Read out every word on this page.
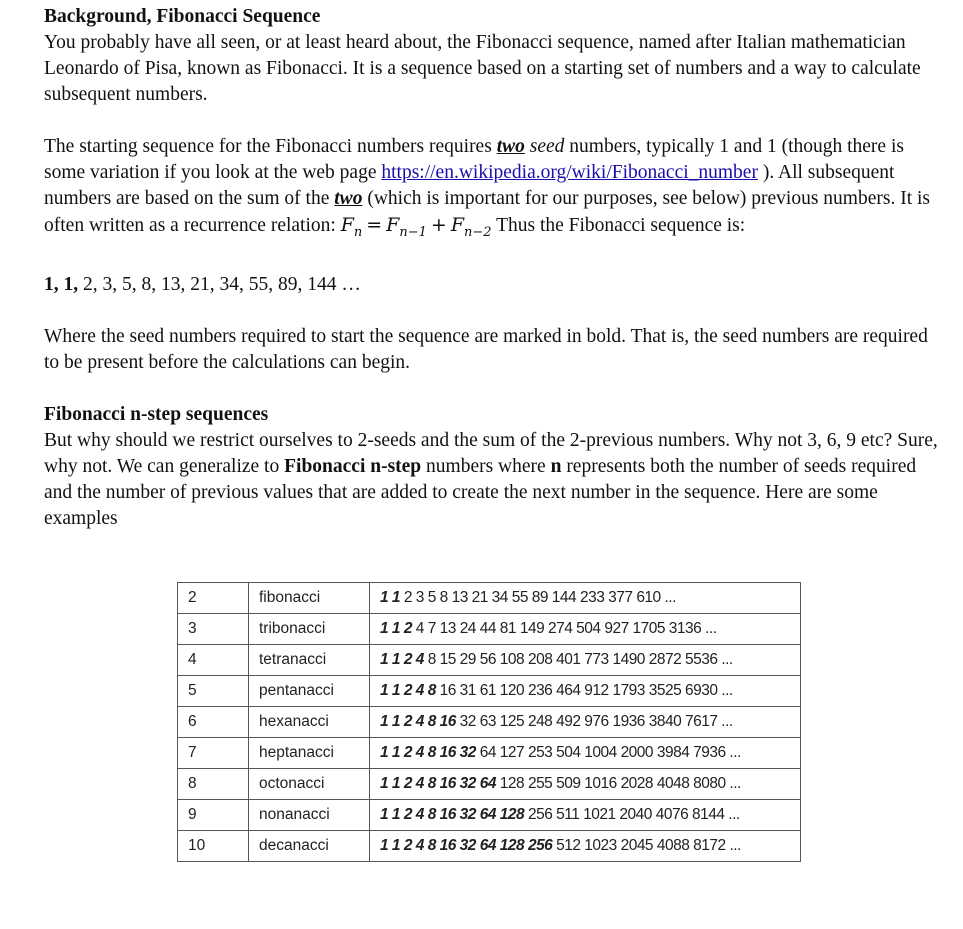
Background, Fibonacci Sequence

You probably have all seen, or at least heard about, the Fibonacci sequence, named after Italian mathematician Leonardo of Pisa, known as Fibonacci. It is a sequence based on a starting set of numbers and a way to calculate subsequent numbers.

The starting sequence for the Fibonacci numbers requires two seed numbers, typically 1 and 1 (though there is some variation if you look at the web page https://en.wikipedia.org/wiki/Fibonacci_number ). All subsequent numbers are based on the sum of the two (which is important for our purposes, see below) previous numbers. It is often written as a recurrence relation: $F_n = F_{n-1} + F_{n-2}$ Thus the Fibonacci sequence is:

1, 1, 2, 3, 5, 8, 13, 21, 34, 55, 89, 144 …

Where the seed numbers required to start the sequence are marked in bold. That is, the seed numbers are required to be present before the calculations can begin.

Fibonacci n-step sequences

But why should we restrict ourselves to 2-seeds and the sum of the 2-previous numbers. Why not 3, 6, 9 etc? Sure, why not. We can generalize to Fibonacci n-step numbers where n represents both the number of seeds required and the number of previous values that are added to create the next number in the sequence. Here are some examples

2	fibonacci	1 1 2 3 5 8 13 21 34 55 89 144 233 377 610 ...
3	tribonacci	1 1 2 4 7 13 24 44 81 149 274 504 927 1705 3136 ...
4	tetranacci	1 1 2 4 8 15 29 56 108 208 401 773 1490 2872 5536 ...
5	pentanacci	1 1 2 4 8 16 31 61 120 236 464 912 1793 3525 6930 ...
6	hexanacci	1 1 2 4 8 16 32 63 125 248 492 976 1936 3840 7617 ...
7	heptanacci	1 1 2 4 8 16 32 64 127 253 504 1004 2000 3984 7936 ...
8	octonacci	1 1 2 4 8 16 32 64 128 255 509 1016 2028 4048 8080 ...
9	nonanacci	1 1 2 4 8 16 32 64 128 256 511 1021 2040 4076 8144 ...
10	decanacci	1 1 2 4 8 16 32 64 128 256 512 1023 2045 4088 8172 ...
